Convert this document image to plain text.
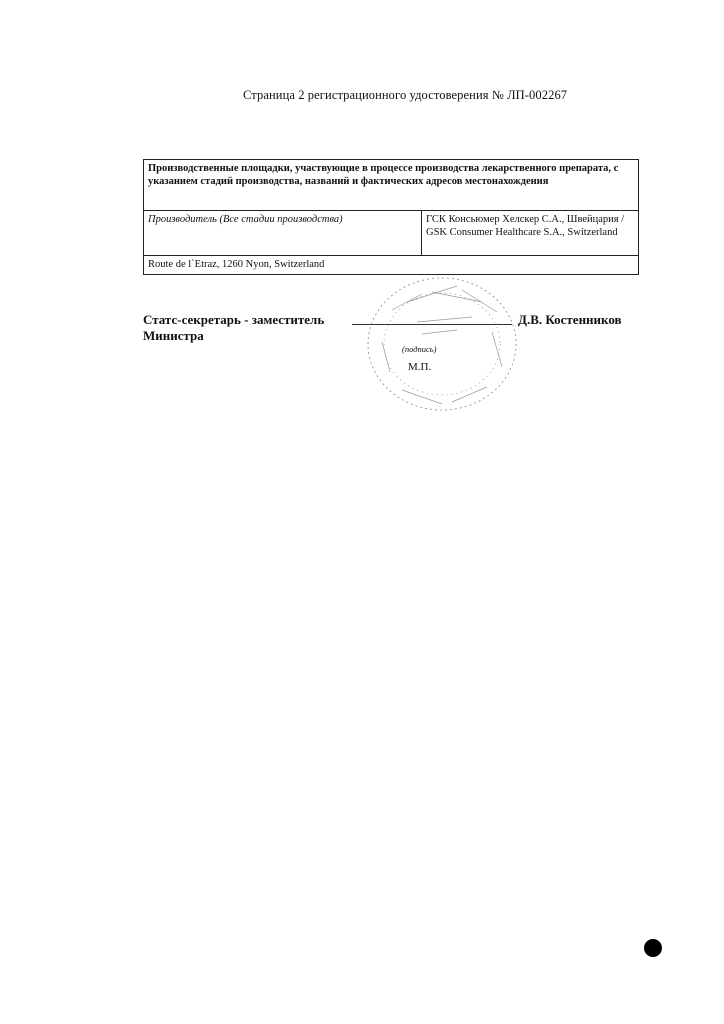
Страница 2 регистрационного удостоверения № ЛП-002267
Производственные площадки, участвующие в процессе производства лекарственного препарата, с указанием стадий производства, названий и фактических адресов местонахождения
Производитель (Все стадии производства)	ГСК Консьюмер Хелскер С.А., Швейцария / GSK Consumer Healthcare S.A., Switzerland
Route de l`Etraz, 1260 Nyon, Switzerland
Статс-секретарь - заместитель Министра
(подпись)
М.П.
Д.В. Костенников
